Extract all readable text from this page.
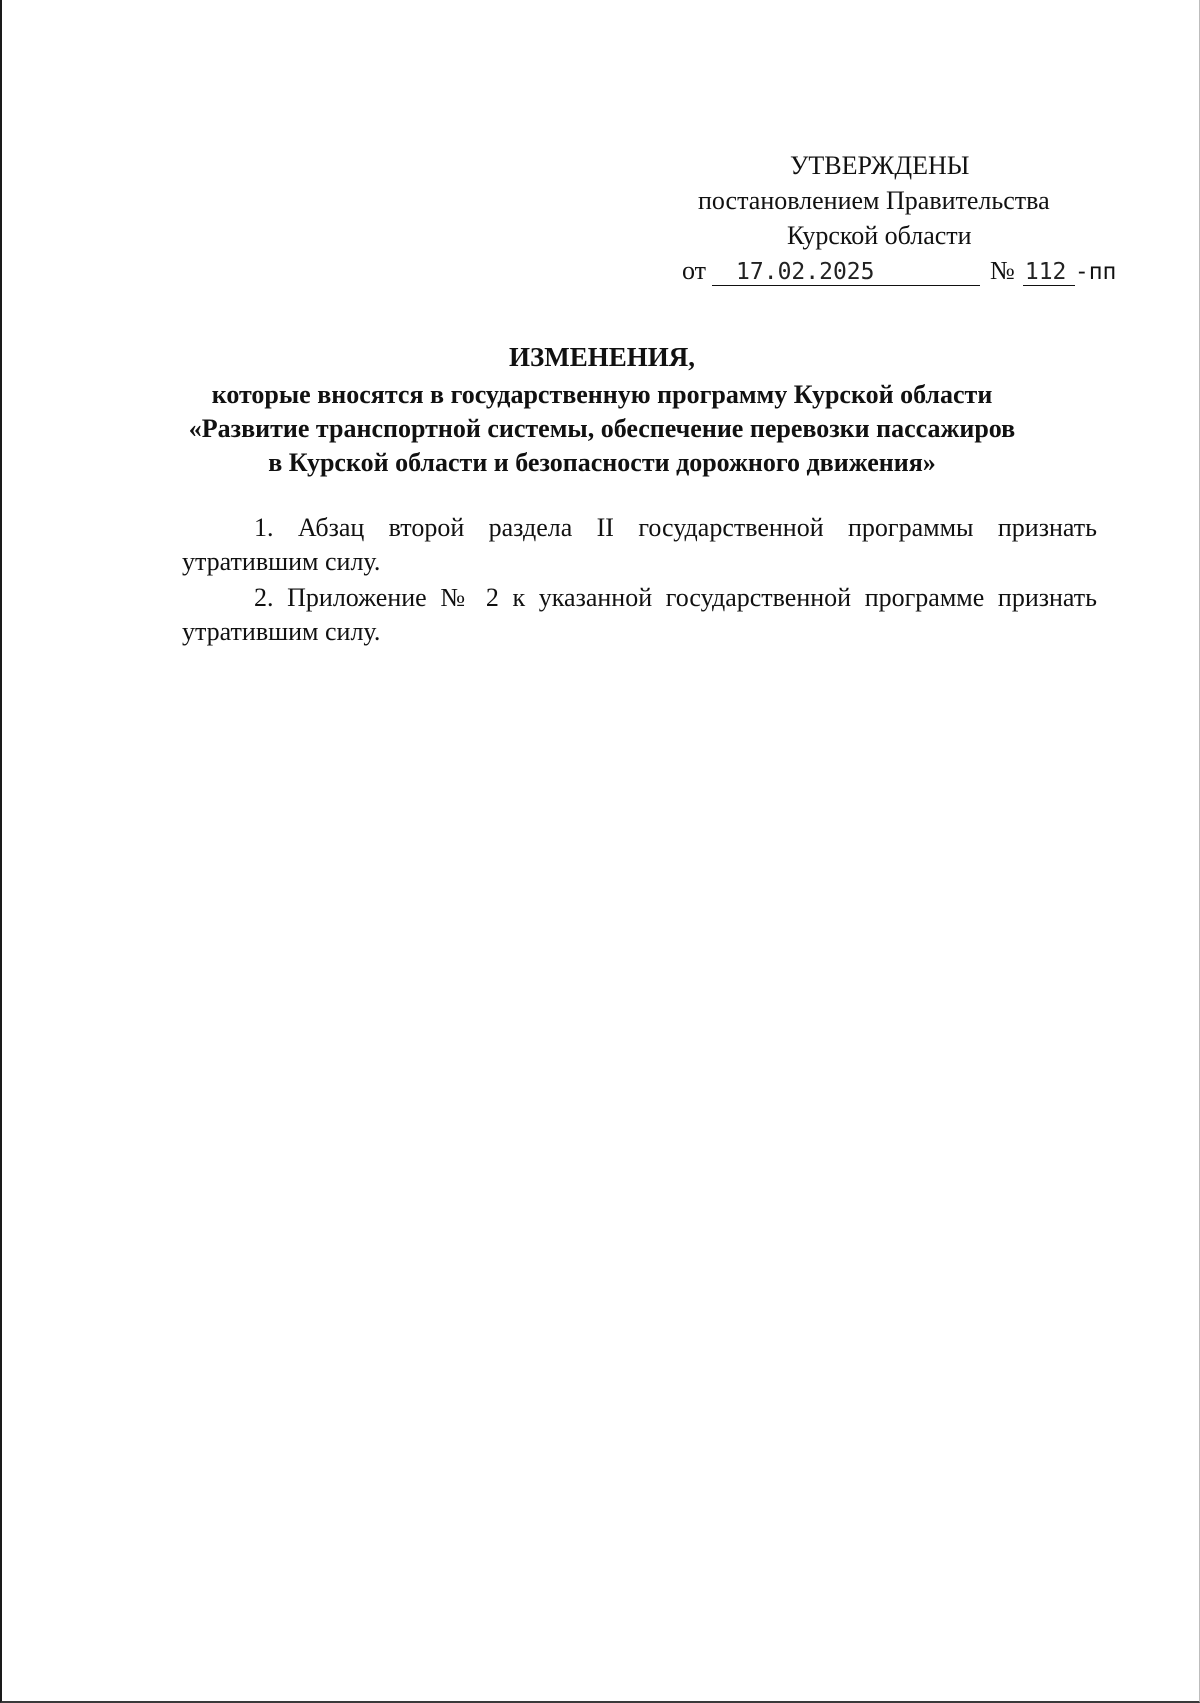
УТВЕРЖДЕНЫ
постановлением Правительства
Курской области
от 17.02.2025	№ 112 -пп
ИЗМЕНЕНИЯ,
которые вносятся в государственную программу Курской области
«Развитие транспортной системы, обеспечение перевозки пассажиров
в Курской области и безопасности дорожного движения»

1. Абзац второй раздела II государственной программы признать утратившим силу.

2. Приложение № 2 к указанной государственной программе признать утратившим силу.
